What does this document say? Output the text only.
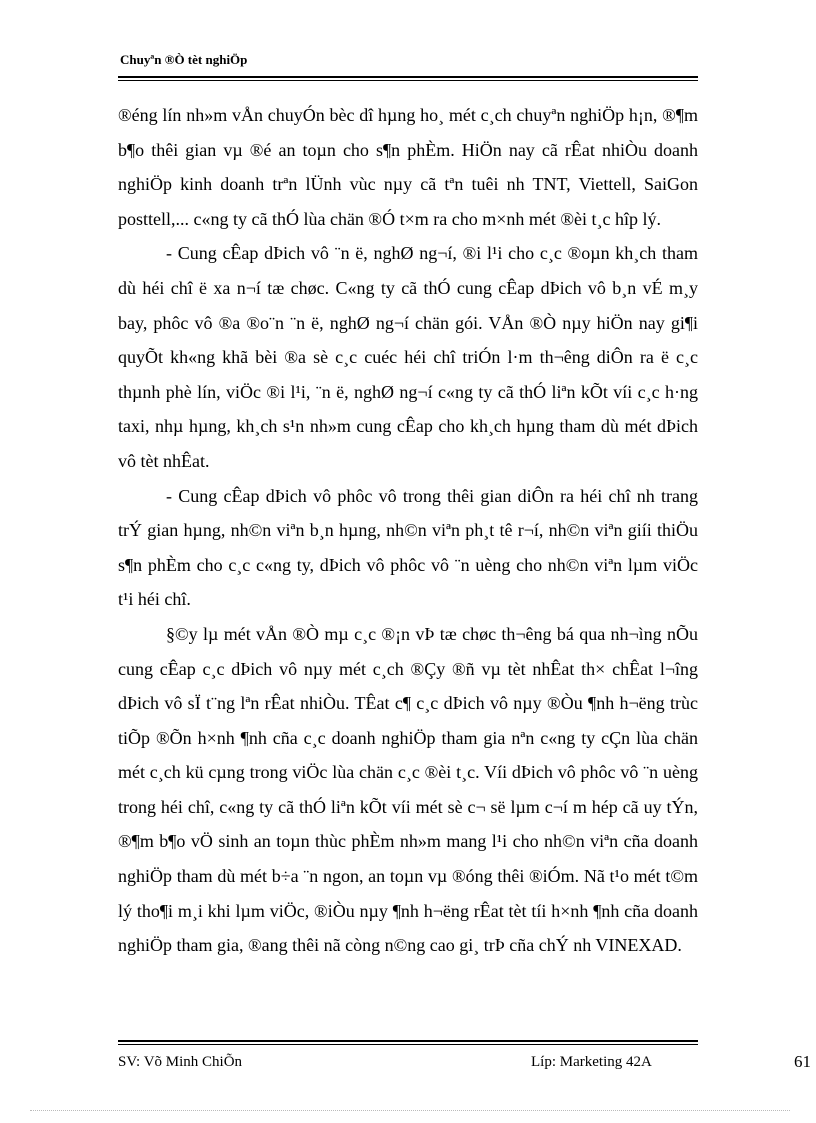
Chuyªn ®Ò tèt nghiÖp

®éng lín nh»m vÅn chuyÓn bèc dî hµng ho¸ mét c¸ch chuyªn nghiÖp h¡n, ®¶m b¶o thêi gian vµ ®é an toµn cho s¶n phÈm. HiÖn nay cã rÊat nhiÒu doanh nghiÖp kinh doanh trªn lÜnh vùc nµy cã tªn tuêi nh TNT, Viettell, SaiGon posttell,... c«ng ty cã thÓ lùa chän ®Ó t×m ra cho m×nh mét ®èi t¸c hîp lý.

- Cung cÊap dÞich vô ¨n ë, nghØ ng¬í, ®i l¹i cho c¸c ®oµn kh¸ch tham dù héi chî ë xa n¬í tæ chøc. C«ng ty cã thÓ cung cÊap dÞich vô b¸n vÉ m¸y bay, phôc vô ®a ®o¨n ¨n ë, nghØ ng¬í chän gói. VÅn ®Ò nµy hiÖn nay gi¶i quyÕt kh«ng khã bèi ®a sè c¸c cuéc héi chî triÓn l·m th¬êng diÔn ra ë c¸c thµnh phè lín, viÖc ®i l¹i, ¨n ë, nghØ ng¬í c«ng ty cã thÓ liªn kÕt víi c¸c h·ng taxi, nhµ hµng, kh¸ch s¹n nh»m cung cÊap cho kh¸ch hµng tham dù mét dÞich vô tèt nhÊat.

- Cung cÊap dÞich vô phôc vô trong thêi gian diÔn ra héi chî nh trang trÝ gian hµng, nh©n viªn b¸n hµng, nh©n viªn ph¸t tê r¬í, nh©n viªn giíi thiÖu s¶n phÈm cho c¸c c«ng ty, dÞich vô phôc vô ¨n uèng cho nh©n viªn lµm viÖc t¹i héi chî.

§©y lµ mét vÅn ®Ò mµ c¸c ®¡n vÞ tæ chøc th¬êng bá qua nh¬ìng nÕu cung cÊap c¸c dÞich vô nµy mét c¸ch ®Çy ®ñ vµ tèt nhÊat th× chÊat l¬îng dÞich vô sÏ t¨ng lªn rÊat nhiÒu. TÊat c¶ c¸c dÞich vô nµy ®Òu ¶nh h¬ëng trùc tiÕp ®Õn h×nh ¶nh cña c¸c doanh nghiÖp tham gia nªn c«ng ty cÇn lùa chän mét c¸ch kü cµng trong viÖc lùa chän c¸c ®èi t¸c. Víi dÞich vô phôc vô ¨n uèng trong héi chî, c«ng ty cã thÓ liªn kÕt víi mét sè c¬ së lµm c¬í m hép cã uy tÝn, ®¶m b¶o vÖ sinh an toµn thùc phÈm nh»m mang l¹i cho nh©n viªn cña doanh nghiÖp tham dù mét b÷a ¨n ngon, an toµn vµ ®óng thêi ®iÓm. Nã t¹o mét t©m lý tho¶i m¸i khi lµm viÖc, ®iÒu nµy ¶nh h¬ëng rÊat tèt tíi h×nh ¶nh cña doanh nghiÖp tham gia, ®ang thêi nã còng n©ng cao gi¸ trÞ cña chÝ nh VINEXAD.

SV: Võ Minh ChiÕn	Líp: Marketing 42A	61
